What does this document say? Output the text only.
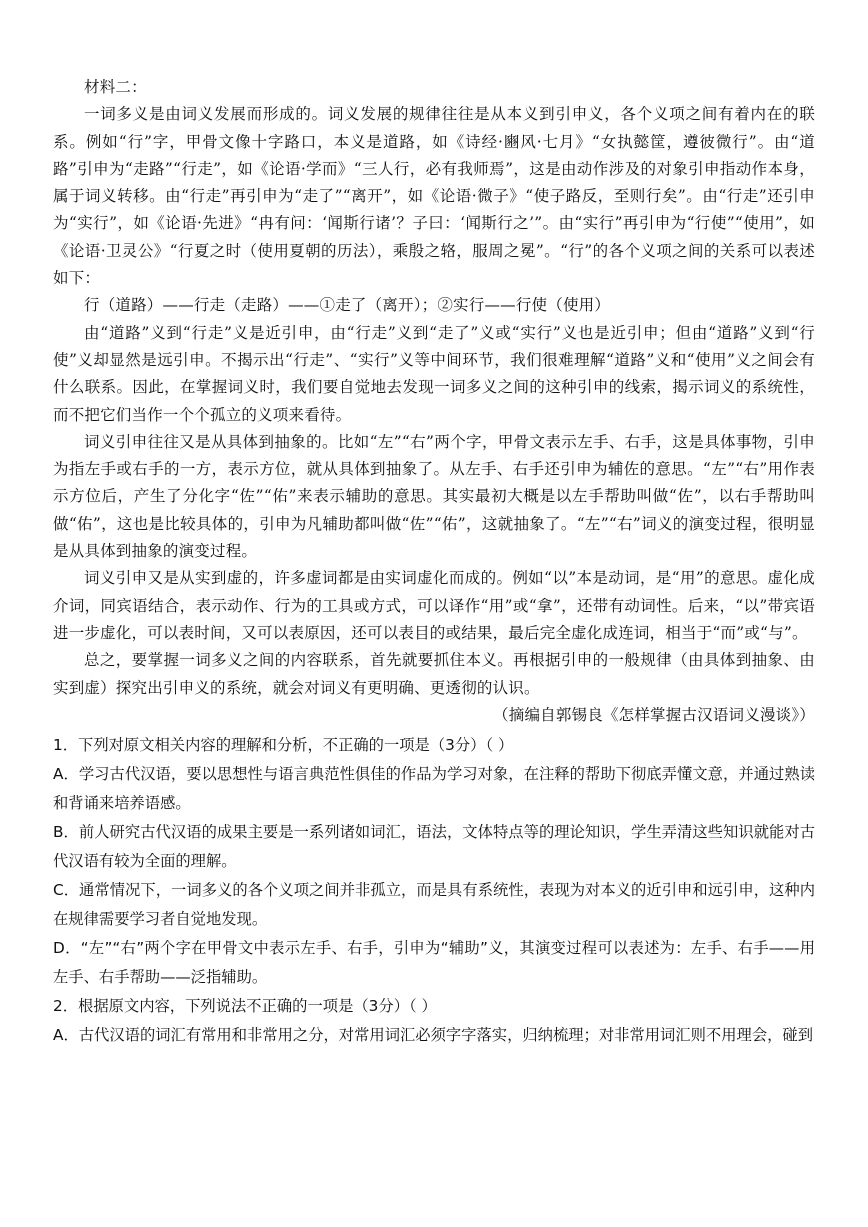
材料二：

一词多义是由词义发展而形成的。词义发展的规律往往是从本义到引申义，各个义项之间有着内在的联系。例如“行”字，甲骨文像十字路口，本义是道路，如《诗经·豳风·七月》“女执懿筐，遵彼微行”。由“道路”引申为“走路”“行走”，如《论语·学而》“三人行，必有我师焉”，这是由动作涉及的对象引申指动作本身，属于词义转移。由“行走”再引申为“走了”“离开”，如《论语·微子》“使子路反，至则行矣”。由“行走”还引申为“实行”，如《论语·先进》“冉有问：‘闻斯行诸’？子曰：‘闻斯行之’”。由“实行”再引申为“行使”“使用”，如《论语·卫灵公》“行夏之时（使用夏朝的历法），乘殷之辂，服周之冕”。“行”的各个义项之间的关系可以表述如下：

行（道路）——行走（走路）——①走了（离开）；②实行——行使（使用）

由“道路”义到“行走”义是近引申，由“行走”义到“走了”义或“实行”义也是近引申；但由“道路”义到“行使”义却显然是远引申。不揭示出“行走”、“实行”义等中间环节，我们很难理解“道路”义和“使用”义之间会有什么联系。因此，在掌握词义时，我们要自觉地去发现一词多义之间的这种引申的线索，揭示词义的系统性，而不把它们当作一个个孤立的义项来看待。

词义引申往往又是从具体到抽象的。比如“左”“右”两个字，甲骨文表示左手、右手，这是具体事物，引申为指左手或右手的一方，表示方位，就从具体到抽象了。从左手、右手还引申为辅佐的意思。“左”“右”用作表示方位后，产生了分化字“佐”“佑”来表示辅助的意思。其实最初大概是以左手帮助叫做“佐”，以右手帮助叫做“佑”，这也是比较具体的，引申为凡辅助都叫做“佐”“佑”，这就抽象了。“左”“右”词义的演变过程，很明显是从具体到抽象的演变过程。

词义引申又是从实到虚的，许多虚词都是由实词虚化而成的。例如“以”本是动词，是“用”的意思。虚化成介词，同宾语结合，表示动作、行为的工具或方式，可以译作“用”或“拿”，还带有动词性。后来，“以”带宾语进一步虚化，可以表时间，又可以表原因，还可以表目的或结果，最后完全虚化成连词，相当于“而”或“与”。

总之，要掌握一词多义之间的内容联系，首先就要抓住本义。再根据引申的一般规律（由具体到抽象、由实到虚）探究出引申义的系统，就会对词义有更明确、更透彻的认识。

（摘编自郭锡良《怎样掌握古汉语词义漫谈》）

1．下列对原文相关内容的理解和分析，不正确的一项是（3分）（ ）

A．学习古代汉语，要以思想性与语言典范性俱佳的作品为学习对象，在注释的帮助下彻底弄懂文意，并通过熟读和背诵来培养语感。

B．前人研究古代汉语的成果主要是一系列诸如词汇，语法，文体特点等的理论知识，学生弄清这些知识就能对古代汉语有较为全面的理解。

C．通常情况下，一词多义的各个义项之间并非孤立，而是具有系统性，表现为对本义的近引申和远引申，这种内在规律需要学习者自觉地发现。

D．“左”“右”两个字在甲骨文中表示左手、右手，引申为“辅助”义，其演变过程可以表述为：左手、右手——用左手、右手帮助——泛指辅助。

2．根据原文内容，下列说法不正确的一项是（3分）（ ）

A．古代汉语的词汇有常用和非常用之分，对常用词汇必须字字落实，归纳梳理；对非常用词汇则不用理会，碰到
